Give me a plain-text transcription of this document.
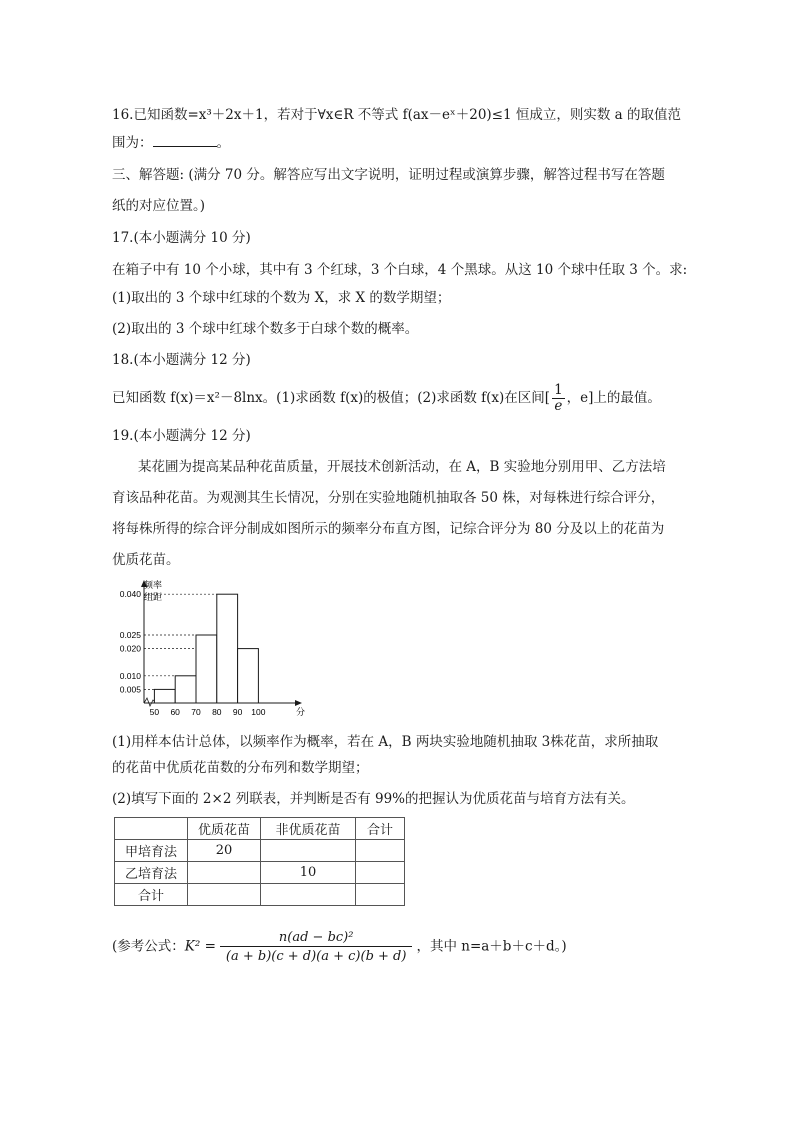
16.已知函数=x³＋2x＋1，若对于∀x∈R 不等式 f(ax－eˣ＋20)≤1 恒成立，则实数 a 的取值范
围为：	。
三、解答题: (满分 70 分。解答应写出文字说明，证明过程或演算步骤，解答过程书写在答题
纸的对应位置。)
17.(本小题满分 10 分)
在箱子中有 10 个小球，其中有 3 个红球，3 个白球，4 个黑球。从这 10 个球中任取 3 个。求:
(1)取出的 3 个球中红球的个数为 X，求 X 的数学期望；
(2)取出的 3 个球中红球个数多于白球个数的概率。
18.(本小题满分 12 分)
已知函数 f(x)＝x²－8lnx。(1)求函数 f(x)的极值；(2)求函数 f(x)在区间[ $\frac{1}{e}$ ，e]上的最值。
19.(本小题满分 12 分)
某花圃为提高某品种花苗质量，开展技术创新活动，在 A，B 实验地分别用甲、乙方法培
育该品种花苗。为观测其生长情况，分别在实验地随机抽取各 50 株，对每株进行综合评分，
将每株所得的综合评分制成如图所示的频率分布直方图，记综合评分为 80 分及以上的花苗为
优质花苗。
0.005
0.010
0.020
0.025
0.040
50 60 70 80 90 100
频率
组距
分
(1)用样本估计总体，以频率作为概率，若在 A，B 两块实验地随机抽取 3株花苗，求所抽取
的花苗中优质花苗数的分布列和数学期望；
(2)填写下面的 2×2 列联表，并判断是否有 99%的把握认为优质花苗与培育方法有关。
	优质花苗	非优质花苗	合计
甲培育法	20		
乙培育法		10	
合计			
(参考公式：$K^2 = \frac{\text{n(ad − bc)²}}{(a + b)(c + d)(a + c)(b + d)}$ ，其中 n=a＋b＋c＋d。)
